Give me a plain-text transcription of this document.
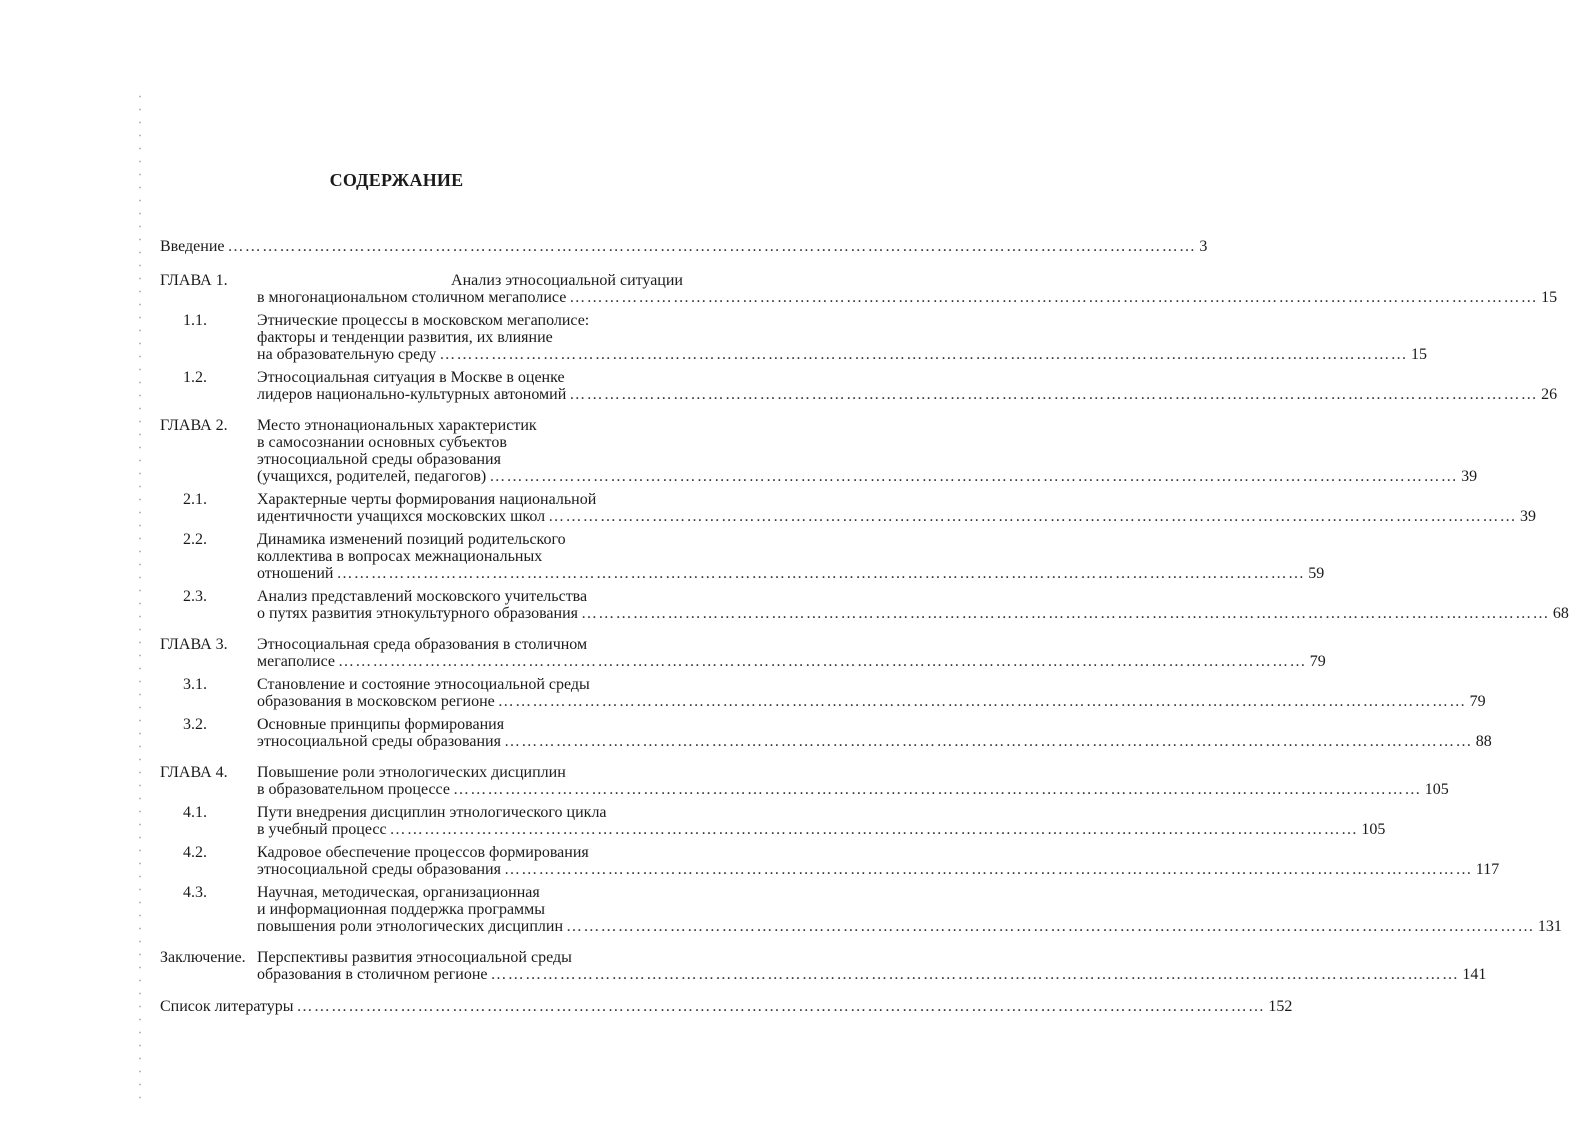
СОДЕРЖАНИЕ
Введение …………………………………………………………………………………………………………………………………………………… 3
ГЛАВА 1.	Анализ этносоциальной ситуации
в многонациональном столичном мегаполисе …………………………………………………………………………………………………………………………………………………… 15
1.1.	Этнические процессы в московском мегаполисе:
факторы и тенденции развития, их влияние
на образовательную среду …………………………………………………………………………………………………………………………………………………… 15
1.2.	Этносоциальная ситуация в Москве в оценке
лидеров национально-культурных автономий …………………………………………………………………………………………………………………………………………………… 26
ГЛАВА 2.	Место этнонациональных характеристик
в самосознании основных субъектов
этносоциальной среды образования
(учащихся, родителей, педагогов) …………………………………………………………………………………………………………………………………………………… 39
2.1.	Характерные черты формирования национальной
идентичности учащихся московских школ …………………………………………………………………………………………………………………………………………………… 39
2.2.	Динамика изменений позиций родительского
коллектива в вопросах межнациональных
отношений …………………………………………………………………………………………………………………………………………………… 59
2.3.	Анализ представлений московского учительства
о путях развития этнокультурного образования …………………………………………………………………………………………………………………………………………………… 68
ГЛАВА 3.	Этносоциальная среда образования в столичном
мегаполисе …………………………………………………………………………………………………………………………………………………… 79
3.1.	Становление и состояние этносоциальной среды
образования в московском регионе …………………………………………………………………………………………………………………………………………………… 79
3.2.	Основные принципы формирования
этносоциальной среды образования …………………………………………………………………………………………………………………………………………………… 88
ГЛАВА 4.	Повышение роли этнологических дисциплин
в образовательном процессе …………………………………………………………………………………………………………………………………………………… 105
4.1.	Пути внедрения дисциплин этнологического цикла
в учебный процесс …………………………………………………………………………………………………………………………………………………… 105
4.2.	Кадровое обеспечение процессов формирования
этносоциальной среды образования …………………………………………………………………………………………………………………………………………………… 117
4.3.	Научная, методическая, организационная
и информационная поддержка программы
повышения роли этнологических дисциплин …………………………………………………………………………………………………………………………………………………… 131
Заключение. Перспективы развития этносоциальной среды
образования в столичном регионе …………………………………………………………………………………………………………………………………………………… 141
Список литературы …………………………………………………………………………………………………………………………………………………… 152
